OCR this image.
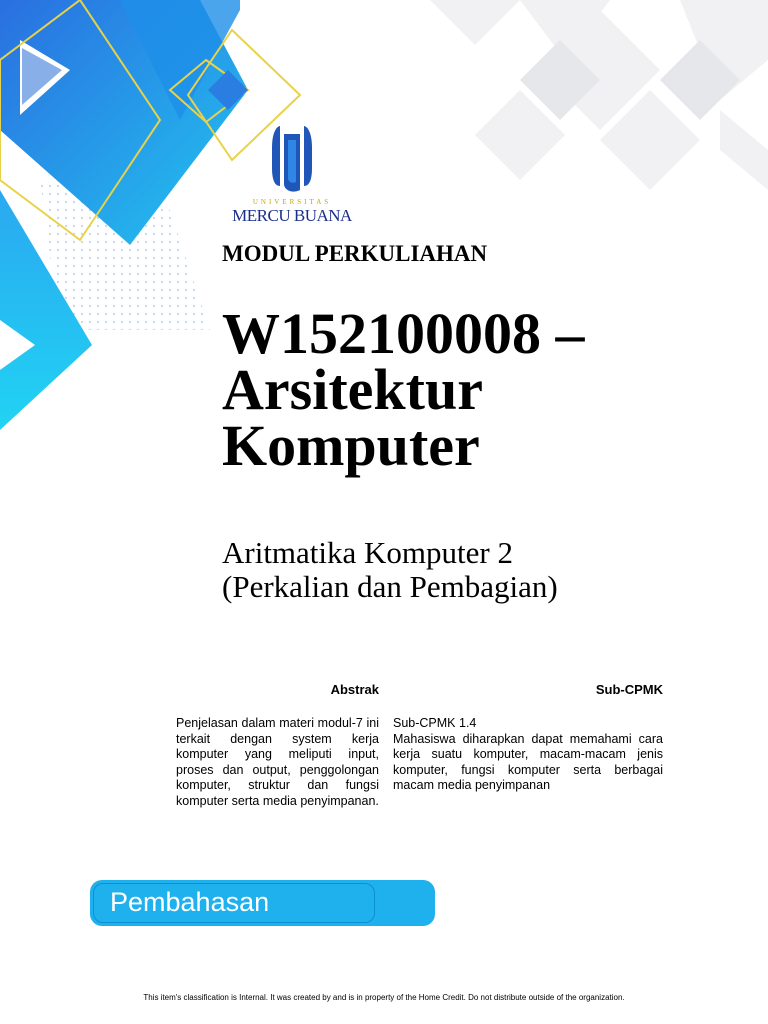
UNIVERSITAS
MERCU BUANA
MODUL PERKULIAHAN
W152100008 –
Arsitektur
Komputer
Aritmatika Komputer 2
(Perkalian dan Pembagian)
Abstrak	Sub-CPMK
Penjelasan dalam materi modul-7 ini terkait dengan system kerja komputer yang meliputi input, proses dan output, penggolongan komputer, struktur dan fungsi komputer serta media penyimpanan.
Sub-CPMK 1.4
Mahasiswa diharapkan dapat memahami cara kerja suatu komputer, macam-macam jenis komputer, fungsi komputer serta berbagai macam media penyimpanan
Pembahasan
This item's classification is Internal. It was created by and is in property of the Home Credit. Do not distribute outside of the organization.
